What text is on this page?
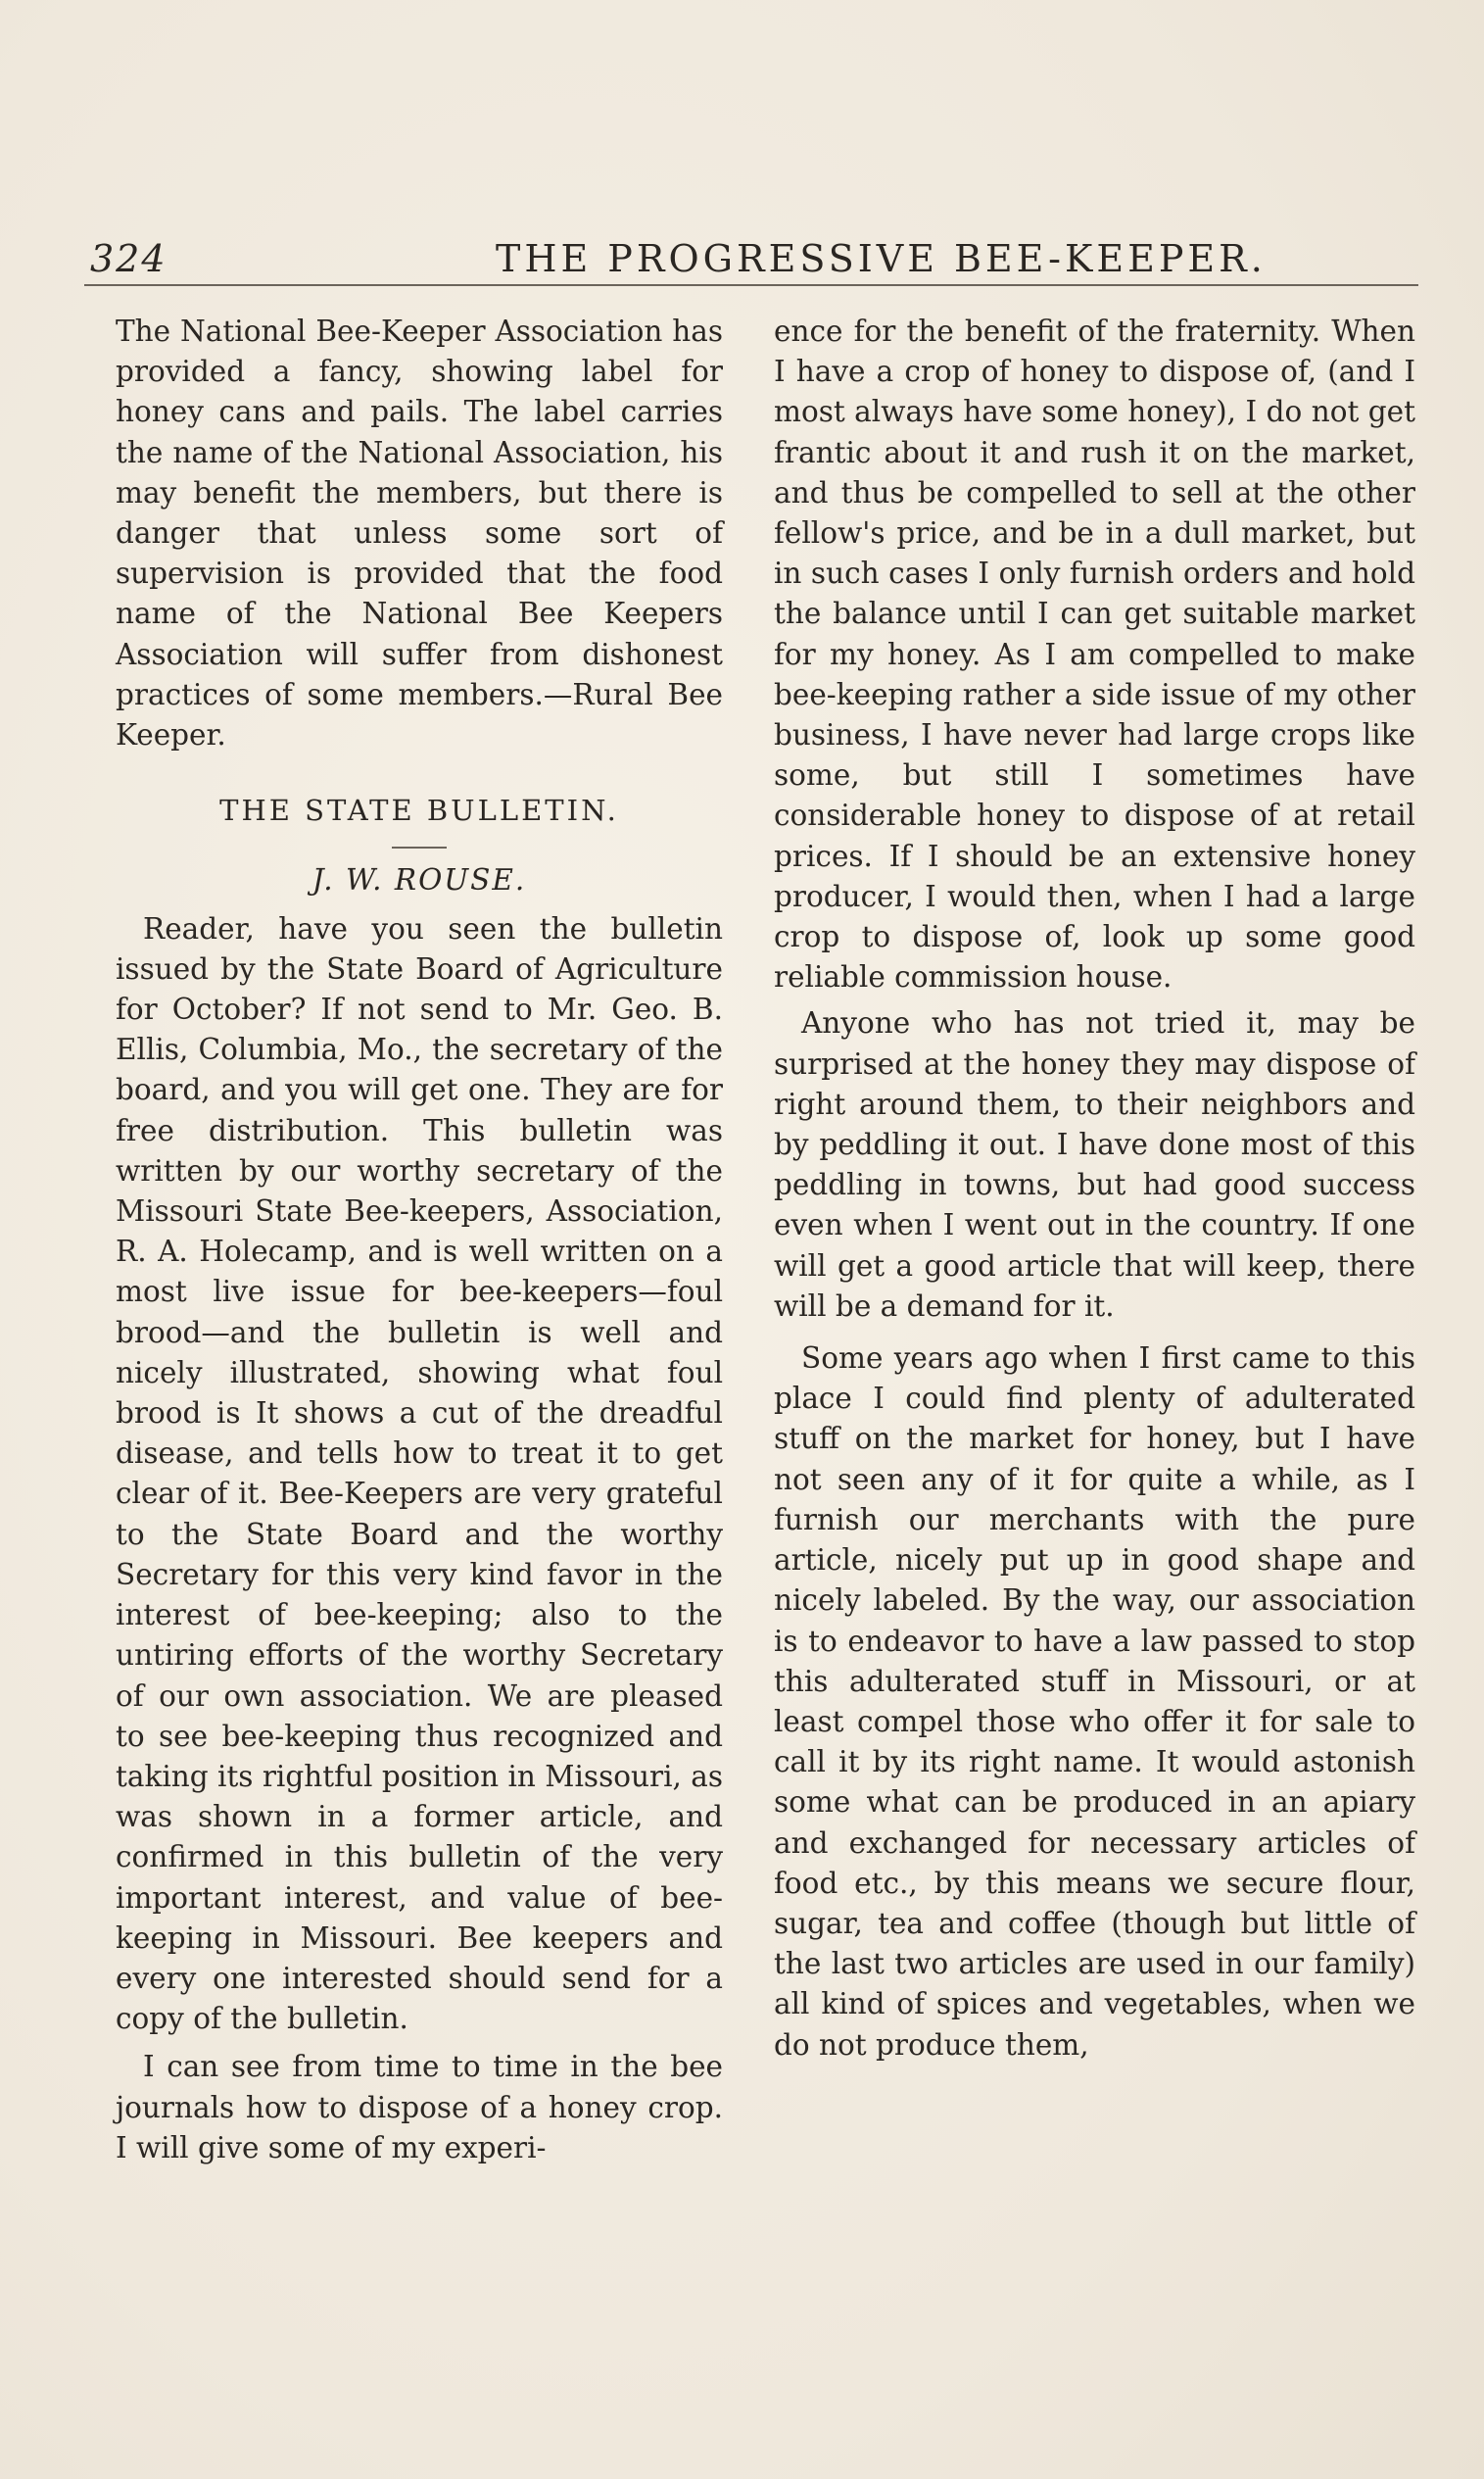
324	THE PROGRESSIVE BEE-KEEPER.

The National Bee-Keeper Association has provided a fancy, showing label for honey cans and pails. The label carries the name of the National Association, his may benefit the members, but there is danger that unless some sort of supervision is provided that the food name of the National Bee Keepers Association will suffer from dishonest practices of some members.—Rural Bee Keeper.

THE STATE BULLETIN.
J. W. ROUSE.

Reader, have you seen the bulletin issued by the State Board of Agriculture for October? If not send to Mr. Geo. B. Ellis, Columbia, Mo., the secretary of the board, and you will get one. They are for free distribution. This bulletin was written by our worthy secretary of the Missouri State Bee-keepers, Association, R. A. Holecamp, and is well written on a most live issue for bee-keepers—foul brood—and the bulletin is well and nicely illustrated, showing what foul brood is It shows a cut of the dreadful disease, and tells how to treat it to get clear of it. Bee-Keepers are very grateful to the State Board and the worthy Secretary for this very kind favor in the interest of bee-keeping; also to the untiring efforts of the worthy Secretary of our own association. We are pleased to see bee-keeping thus recognized and taking its rightful position in Missouri, as was shown in a former article, and confirmed in this bulletin of the very important interest, and value of bee-keeping in Missouri. Bee keepers and every one interested should send for a copy of the bulletin.

I can see from time to time in the bee journals how to dispose of a honey crop. I will give some of my experi-

ence for the benefit of the fraternity. When I have a crop of honey to dispose of, (and I most always have some honey), I do not get frantic about it and rush it on the market, and thus be compelled to sell at the other fellow's price, and be in a dull market, but in such cases I only furnish orders and hold the balance until I can get suitable market for my honey. As I am compelled to make bee-keeping rather a side issue of my other business, I have never had large crops like some, but still I sometimes have considerable honey to dispose of at retail prices. If I should be an extensive honey producer, I would then, when I had a large crop to dispose of, look up some good reliable commission house.

Anyone who has not tried it, may be surprised at the honey they may dispose of right around them, to their neighbors and by peddling it out. I have done most of this peddling in towns, but had good success even when I went out in the country. If one will get a good article that will keep, there will be a demand for it.

Some years ago when I first came to this place I could find plenty of adulterated stuff on the market for honey, but I have not seen any of it for quite a while, as I furnish our merchants with the pure article, nicely put up in good shape and nicely labeled. By the way, our association is to endeavor to have a law passed to stop this adulterated stuff in Missouri, or at least compel those who offer it for sale to call it by its right name. It would astonish some what can be produced in an apiary and exchanged for necessary articles of food etc., by this means we secure flour, sugar, tea and coffee (though but little of the last two articles are used in our family) all kind of spices and vegetables, when we do not produce them,
